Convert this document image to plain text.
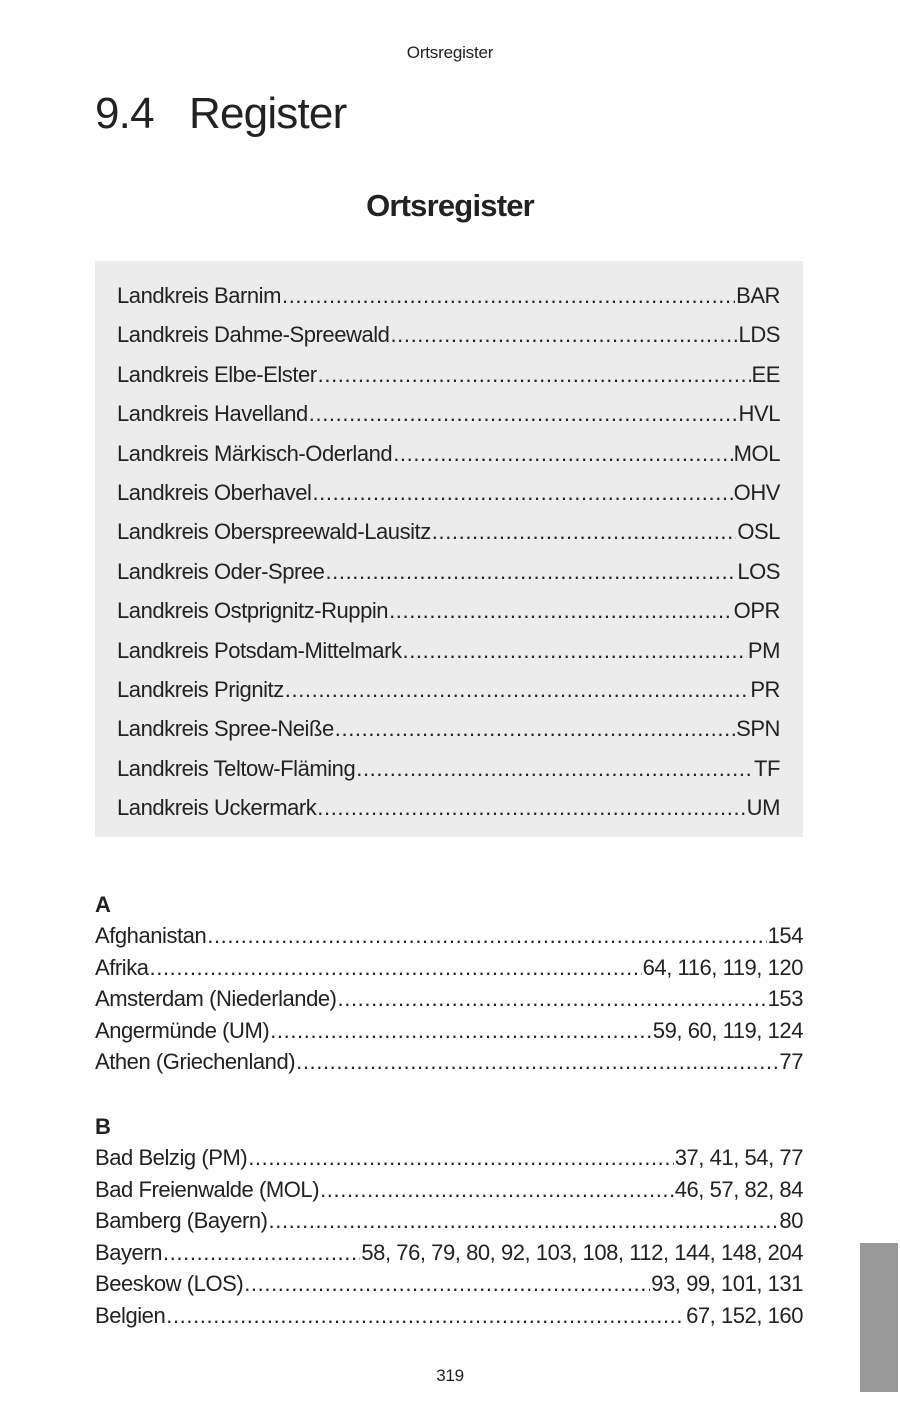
Ortsregister
9.4 Register
Ortsregister
Landkreis Barnim .....	BAR
Landkreis Dahme-Spreewald .....	LDS
Landkreis Elbe-Elster .....	EE
Landkreis Havelland .....	HVL
Landkreis Märkisch-Oderland .....	MOL
Landkreis Oberhavel .....	OHV
Landkreis Oberspreewald-Lausitz .....	OSL
Landkreis Oder-Spree .....	LOS
Landkreis Ostprignitz-Ruppin .....	OPR
Landkreis Potsdam-Mittelmark .....	PM
Landkreis Prignitz .....	PR
Landkreis Spree-Neiße .....	SPN
Landkreis Teltow-Fläming .....	TF
Landkreis Uckermark .....	UM
A
Afghanistan .....	154
Afrika .....	64, 116, 119, 120
Amsterdam (Niederlande) .....	153
Angermünde (UM) .....	59, 60, 119, 124
Athen (Griechenland) .....	77
B
Bad Belzig (PM) .....	37, 41, 54, 77
Bad Freienwalde (MOL) .....	46, 57, 82, 84
Bamberg (Bayern) .....	80
Bayern .....	58, 76, 79, 80, 92, 103, 108, 112, 144, 148, 204
Beeskow (LOS) .....	93, 99, 101, 131
Belgien .....	67, 152, 160
319
